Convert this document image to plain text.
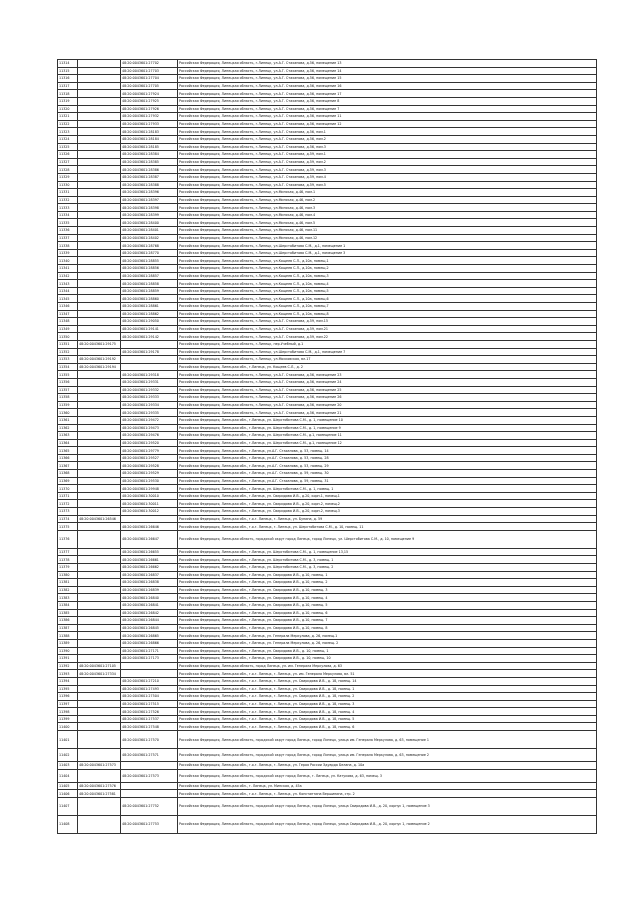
11314		48:20:0043601:27702	Российская Федерация, Липецкая область, г.Липецк, ул.А.Г. Стаханова, д.56, помещение 13
11315		48:20:0043601:27703	Российская Федерация, Липецкая область, г.Липецк, ул.А.Г. Стаханова, д.56, помещение 14
11316		48:20:0043601:27704	Российская Федерация, Липецкая область, г.Липецк, ул.А.Г. Стаханова, д.56, помещение 15
11317		48:20:0043601:27705	Российская Федерация, Липецкая область, г.Липецк, ул.А.Г. Стаханова, д.56, помещение 16
11318		48:20:0043601:27924	Российская Федерация, Липецкая область, г.Липецк, ул.А.Г. Стаханова, д.56, помещение 17
11319		48:20:0043601:27925	Российская Федерация, Липецкая область, г.Липецк, ул.А.Г. Стаханова, д.56, помещение 8
11320		48:20:0043601:27926	Российская Федерация, Липецкая область, г.Липецк, ул.А.Г. Стаханова, д.56, помещение 7
11321		48:20:0043601:27932	Российская Федерация, Липецкая область, г.Липецк, ул.А.Г. Стаханова, д.56, помещение 11
11322		48:20:0043601:27933	Российская Федерация, Липецкая область, г.Липецк, ул.А.Г. Стаханова, д.56, помещение 12
11323		48:20:0043601:28183	Российская Федерация, Липецкая область, г.Липецк, ул.А.Г. Стаханова, д.56, пом.1
11324		48:20:0043601:28184	Российская Федерация, Липецкая область, г.Липецк, ул.А.Г. Стаханова, д.56, пом.2
11325		48:20:0043601:28185	Российская Федерация, Липецкая область, г.Липецк, ул.А.Г. Стаханова, д.56, пом.3
11326		48:20:0043601:28384	Российская Федерация, Липецкая область, г.Липецк, ул.А.Г. Стаханова, д.59, пом.1
11327		48:20:0043601:28385	Российская Федерация, Липецкая область, г.Липецк, ул.А.Г. Стаханова, д.59, пом.2
11328		48:20:0043601:28386	Российская Федерация, Липецкая область, г.Липецк, ул.А.Г. Стаханова, д.59, пом.3
11329		48:20:0043601:28387	Российская Федерация, Липецкая область, г.Липецк, ул.А.Г. Стаханова, д.59, пом.4
11330		48:20:0043601:28388	Российская Федерация, Липецкая область, г.Липецк, ул.А.Г. Стаханова, д.59, пом.5
11331		48:20:0043601:28396	Российская Федерация, Липецкая область, г.Липецк, ул.Минская, д.46, пом.1
11332		48:20:0043601:28397	Российская Федерация, Липецкая область, г.Липецк, ул.Минская, д.46, пом.2
11333		48:20:0043601:28398	Российская Федерация, Липецкая область, г.Липецк, ул.Минская, д.46, пом.3
11334		48:20:0043601:28399	Российская Федерация, Липецкая область, г.Липецк, ул.Минская, д.46, пом.4
11335		48:20:0043601:28400	Российская Федерация, Липецкая область, г.Липецк, ул.Минская, д.46, пом.5
11336		48:20:0043601:28401	Российская Федерация, Липецкая область, г.Липецк, ул.Минская, д.46, пом.11
11337		48:20:0043601:28402	Российская Федерация, Липецкая область, г.Липецк, ул.Минская, д.46, пом.12
11338		48:20:0043601:28768	Российская Федерация, Липецкая область, г.Липецк, ул.Шерстобитова С.М., д.1, помещение 1
11339		48:20:0043601:28770	Российская Федерация, Липецкая область, г.Липецк, ул.Шерстобитова С.М., д.1, помещение 3
11340		48:20:0043601:28855	Российская Федерация, Липецкая область, г.Липецк, ул.Кощеев С.Л., д.10а, помещ.1
11341		48:20:0043601:28856	Российская Федерация, Липецкая область, г.Липецк, ул.Кощеев С.Л., д.10а, помещ.2
11342		48:20:0043601:28857	Российская Федерация, Липецкая область, г.Липецк, ул.Кощеев С.Л., д.10а, помещ.3
11343		48:20:0043601:28858	Российская Федерация, Липецкая область, г.Липецк, ул.Кощеев С.Л., д.10а, помещ.4
11344		48:20:0043601:28859	Российская Федерация, Липецкая область, г.Липецк, ул.Кощеев С.Л., д.10а, помещ.5
11345		48:20:0043601:28860	Российская Федерация, Липецкая область, г.Липецк, ул.Кощеев С.Л., д.10а, помещ.6
11346		48:20:0043601:28861	Российская Федерация, Липецкая область, г.Липецк, ул.Кощеев С.Л., д.10а, помещ.7
11347		48:20:0043601:28862	Российская Федерация, Липецкая область, г.Липецк, ул.Кощеев С.Л., д.10а, помещ.8
11348		48:20:0043601:29050	Российская Федерация, Липецкая область, г.Липецк, ул.А.Г. Стаханова, д.59, пом.15
11349		48:20:0043601:29141	Российская Федерация, Липецкая область, г.Липецк, ул.А.Г. Стаханова, д.59, пом.21
11350		48:20:0043601:29142	Российская Федерация, Липецкая область, г.Липецк, ул.А.Г. Стаханова, д.59, пом.22
11351	48:20:0043601:29175		Российская Федерация, Липецкая область, г.Липецк, пер.Учебный, д.1
11352		48:20:0043601:29178	Российская Федерация, Липецкая область, г.Липецк, ул.Шерстобитова С.М., д.1, помещение 7
11353	48:20:0043601:29192		Российская Федерация, Липецкая область, г.Липецк, ул.Московская, вл.17
11354	48:20:0043601:29194		Российская Федерация, Липецкая обл., г.Липецк, ул. Кощеев С.Л., д. 2
11355		48:20:0043601:29318	Российская Федерация, Липецкая область, г.Липецк, ул.А.Г. Стаханова, д.56, помещение 23
11356		48:20:0043601:29331	Российская Федерация, Липецкая область, г.Липецк, ул.А.Г. Стаханова, д.56, помещение 24
11357		48:20:0043601:29332	Российская Федерация, Липецкая область, г.Липецк, ул.А.Г. Стаханова, д.56, помещение 25
11358		48:20:0043601:29333	Российская Федерация, Липецкая область, г.Липецк, ул.А.Г. Стаханова, д.56, помещение 26
11359		48:20:0043601:29334	Российская Федерация, Липецкая область, г.Липецк, ул.А.Г. Стаханова, д.56, помещение 20
11360		48:20:0043601:29335	Российская Федерация, Липецкая область, г.Липецк, ул.А.Г. Стаханова, д.56, помещение 21
11361		48:20:0043601:29472	Российская Федерация, Липецкая обл., г.Липецк, ул. Шерстобитова С.М., д. 1, помещение 10
11362		48:20:0043601:29473	Российская Федерация, Липецкая обл., г.Липецк, ул. Шерстобитова С.М., д. 1, помещение 9
11363		48:20:0043601:29476	Российская Федерация, Липецкая обл., г.Липецк, ул. Шерстобитова С.М., д.1, помещение 11
11364		48:20:0043601:29520	Российская Федерация, Липецкая обл., г.Липецк, ул. Шерстобитова С.М., д.1, помещение 12
11365		48:20:0043601:29779	Российская Федерация, Липецкая обл., г.Липецк, ул.А.Г. Стаханова, д. 53, помещ. 14
11366		48:20:0043601:29527	Российская Федерация, Липецкая обл., г.Липецк, ул.А.Г. Стаханова, д. 53, помещ. 28
11367		48:20:0043601:29528	Российская Федерация, Липецкая обл., г.Липецк, ул.А.Г. Стаханова, д. 53, помещ. 29
11368		48:20:0043601:29529	Российская Федерация, Липецкая обл., г.Липецк, ул.А.Г. Стаханова, д. 59, помещ. 30
11369		48:20:0043601:29530	Российская Федерация, Липецкая обл., г.Липецк, ул.А.Г. Стаханова, д. 59, помещ. 31
11370		48:20:0043601:29948	Российская Федерация, Липецкая обл., г.Липецк, ул. Шерстобитова С.М., д. 1, помещ. 1
11371		48:20:0043601:30010	Российская Федерация, Липецкая обл., г.Липецк, ул. Свиридова И.В., д.20, корп.1, помещ.1
11372		48:20:0043601:30011	Российская Федерация, Липецкая обл., г.Липецк, ул. Свиридова И.В., д.20, корп.2, помещ.2
11373		48:20:0043601:30012	Российская Федерация, Липецкая обл., г.Липецк, ул. Свиридова И.В., д.20, корп.2, помещ.3
11374	48:20:0043601:26546		Российская Федерация, Липецкая обл., г.о.г. Липецк, г. Липецк, ул. Бунина, д. 59
11375		48:20:0043601:26646	Российская Федерация, Липецкая обл., г.о.г. Липецк, г. Липецк, ул. Шерстобитова С.М., д. 10, помещ. 11
11376		48:20:0043601:26647	Российская Федерация, Липецкая область, городской округ город Липецк, город Липецк, ул. Шерстобитова С.М., д. 10, помещение 9
11377		48:20:0043601:26655	Российская Федерация, Липецкая обл., г.Липецк, ул. Шерстобитова С.М., д. 1, помещение 13,15
11378		48:20:0043601:26661	Российская Федерация, Липецкая обл., г.Липецк, ул. Шерстобитова С.М., д. 3, помещ. 1
11379		48:20:0043601:26662	Российская Федерация, Липецкая обл., г.Липецк, ул. Шерстобитова С.М., д. 3, помещ. 2
11380		48:20:0043601:26837	Российская Федерация, Липецкая обл., г.Липецк, ул. Свиридова И.В., д.10, помещ. 1
11381		48:20:0043601:26838	Российская Федерация, Липецкая обл., г.Липецк, ул. Свиридова И.В., д.10, помещ. 2
11382		48:20:0043601:26839	Российская Федерация, Липецкая обл., г.Липецк, ул. Свиридова И.В., д.10, помещ. 3
11383		48:20:0043601:26840	Российская Федерация, Липецкая обл., г.Липецк, ул. Свиридова И.В., д.10, помещ. 4
11384		48:20:0043601:26841	Российская Федерация, Липецкая обл., г.Липецк, ул. Свиридова И.В., д.10, помещ. 5
11385		48:20:0043601:26842	Российская Федерация, Липецкая обл., г.Липецк, ул. Свиридова И.В., д.10, помещ. 6
11386		48:20:0043601:26844	Российская Федерация, Липецкая обл., г.Липецк, ул. Свиридова И.В., д.10, помещ. 7
11387		48:20:0043601:26845	Российская Федерация, Липецкая обл., г.Липецк, ул. Свиридова И.В., д.10, помещ. 8
11388		48:20:0043601:26865	Российская Федерация, Липецкая обл., г.Липецк, ул. Генерала Меркулова, д. 26, помещ.1
11389		48:20:0043601:26866	Российская Федерация, Липецкая обл., г.Липецк, ул. Генерала Меркулова, д. 26, помещ. 2
11390		48:20:0043601:27171	Российская Федерация, Липецкая обл., г.Липецк, ул. Свиридова И.В., д. 10, помещ. 1
11391		48:20:0043601:27173	Российская Федерация, Липецкая обл., г.Липецк, ул. Свиридова И.В., д. 10, помещ. 10
11392	48:20:0043601:27105		Российская Федерация, Липецкая область, город Липецк, ул. им. Генерала Меркулова, д. 63
11393	48:20:0043601:27334		Российская Федерация, Липецкая обл., г.о.г. Липецк, г. Липецк, ул. им. Генерала Меркулова, вл. 51
11394		48:20:0043601:27210	Российская Федерация, Липецкая обл., г.о.г. Липецк, г. Липецк, ул. Свиридова И.В., д. 18, помещ. 14
11395		48:20:0043601:27493	Российская Федерация, Липецкая обл., г.о.г. Липецк, г. Липецк, ул. Свиридова И.В., д. 18, помещ. 1
11396		48:20:0043601:27504	Российская Федерация, Липецкая обл., г.о.г. Липецк, г. Липецк, ул. Свиридова И.В., д. 18, помещ. 2
11397		48:20:0043601:27515	Российская Федерация, Липецкая обл., г.о.г. Липецк, г. Липецк, ул. Свиридова И.В., д. 18, помещ. 3
11398		48:20:0043601:27526	Российская Федерация, Липецкая обл., г.о.г. Липецк, г. Липецк, ул. Свиридова И.В., д. 18, помещ. 4
11399		48:20:0043601:27537	Российская Федерация, Липецкая обл., г.о.г. Липецк, г. Липецк, ул. Свиридова И.В., д. 18, помещ. 5
11400		48:20:0043601:27548	Российская Федерация, Липецкая обл., г.о.г. Липецк, г. Липецк, ул. Свиридова И.В., д. 18, помещ. 6
11401		48:20:0043601:27570	Российская Федерация, Липецкая область, городской округ город Липецк, город Липецк, улица им. Генерала Меркулова, д. 63, помещение 1
11402		48:20:0043601:27571	Российская Федерация, Липецкая область, городской округ город Липецк, город Липецк, улица им. Генерала Меркулова, д. 63, помещение 2
11403	48:20:0043601:27573		Российская Федерация, Липецкая обл., г.о.г. Липецк, г. Липецк, ул. Героя России Эдуарда Белана, д. 10а
11404		48:20:0043601:27573	Российская Федерация, Липецкая область, городской округ город Липецк, г. Липецк, ул. Катукова, д. 63, помещ. 3
11405	48:20:0043601:27576		Российская Федерация, Липецкая обл., г. Липецк, ул. Минская, д. 45а
11406	48:20:0043601:27581		Российская Федерация, Липецкая обл., г.о.г. Липецк, г. Липецк, ул. Константина Вершинина, стр. 2
11407		48:20:0043601:27752	Российская Федерация, Липецкая область, городской округ город Липецк, город Липецк, улица Свиридова И.В., д. 20, корпус 1, помещение 3
11408		48:20:0043601:27753	Российская Федерация, Липецкая область, городской округ город Липецк, город Липецк, улица Свиридова И.В., д. 20, корпус 1, помещение 2
